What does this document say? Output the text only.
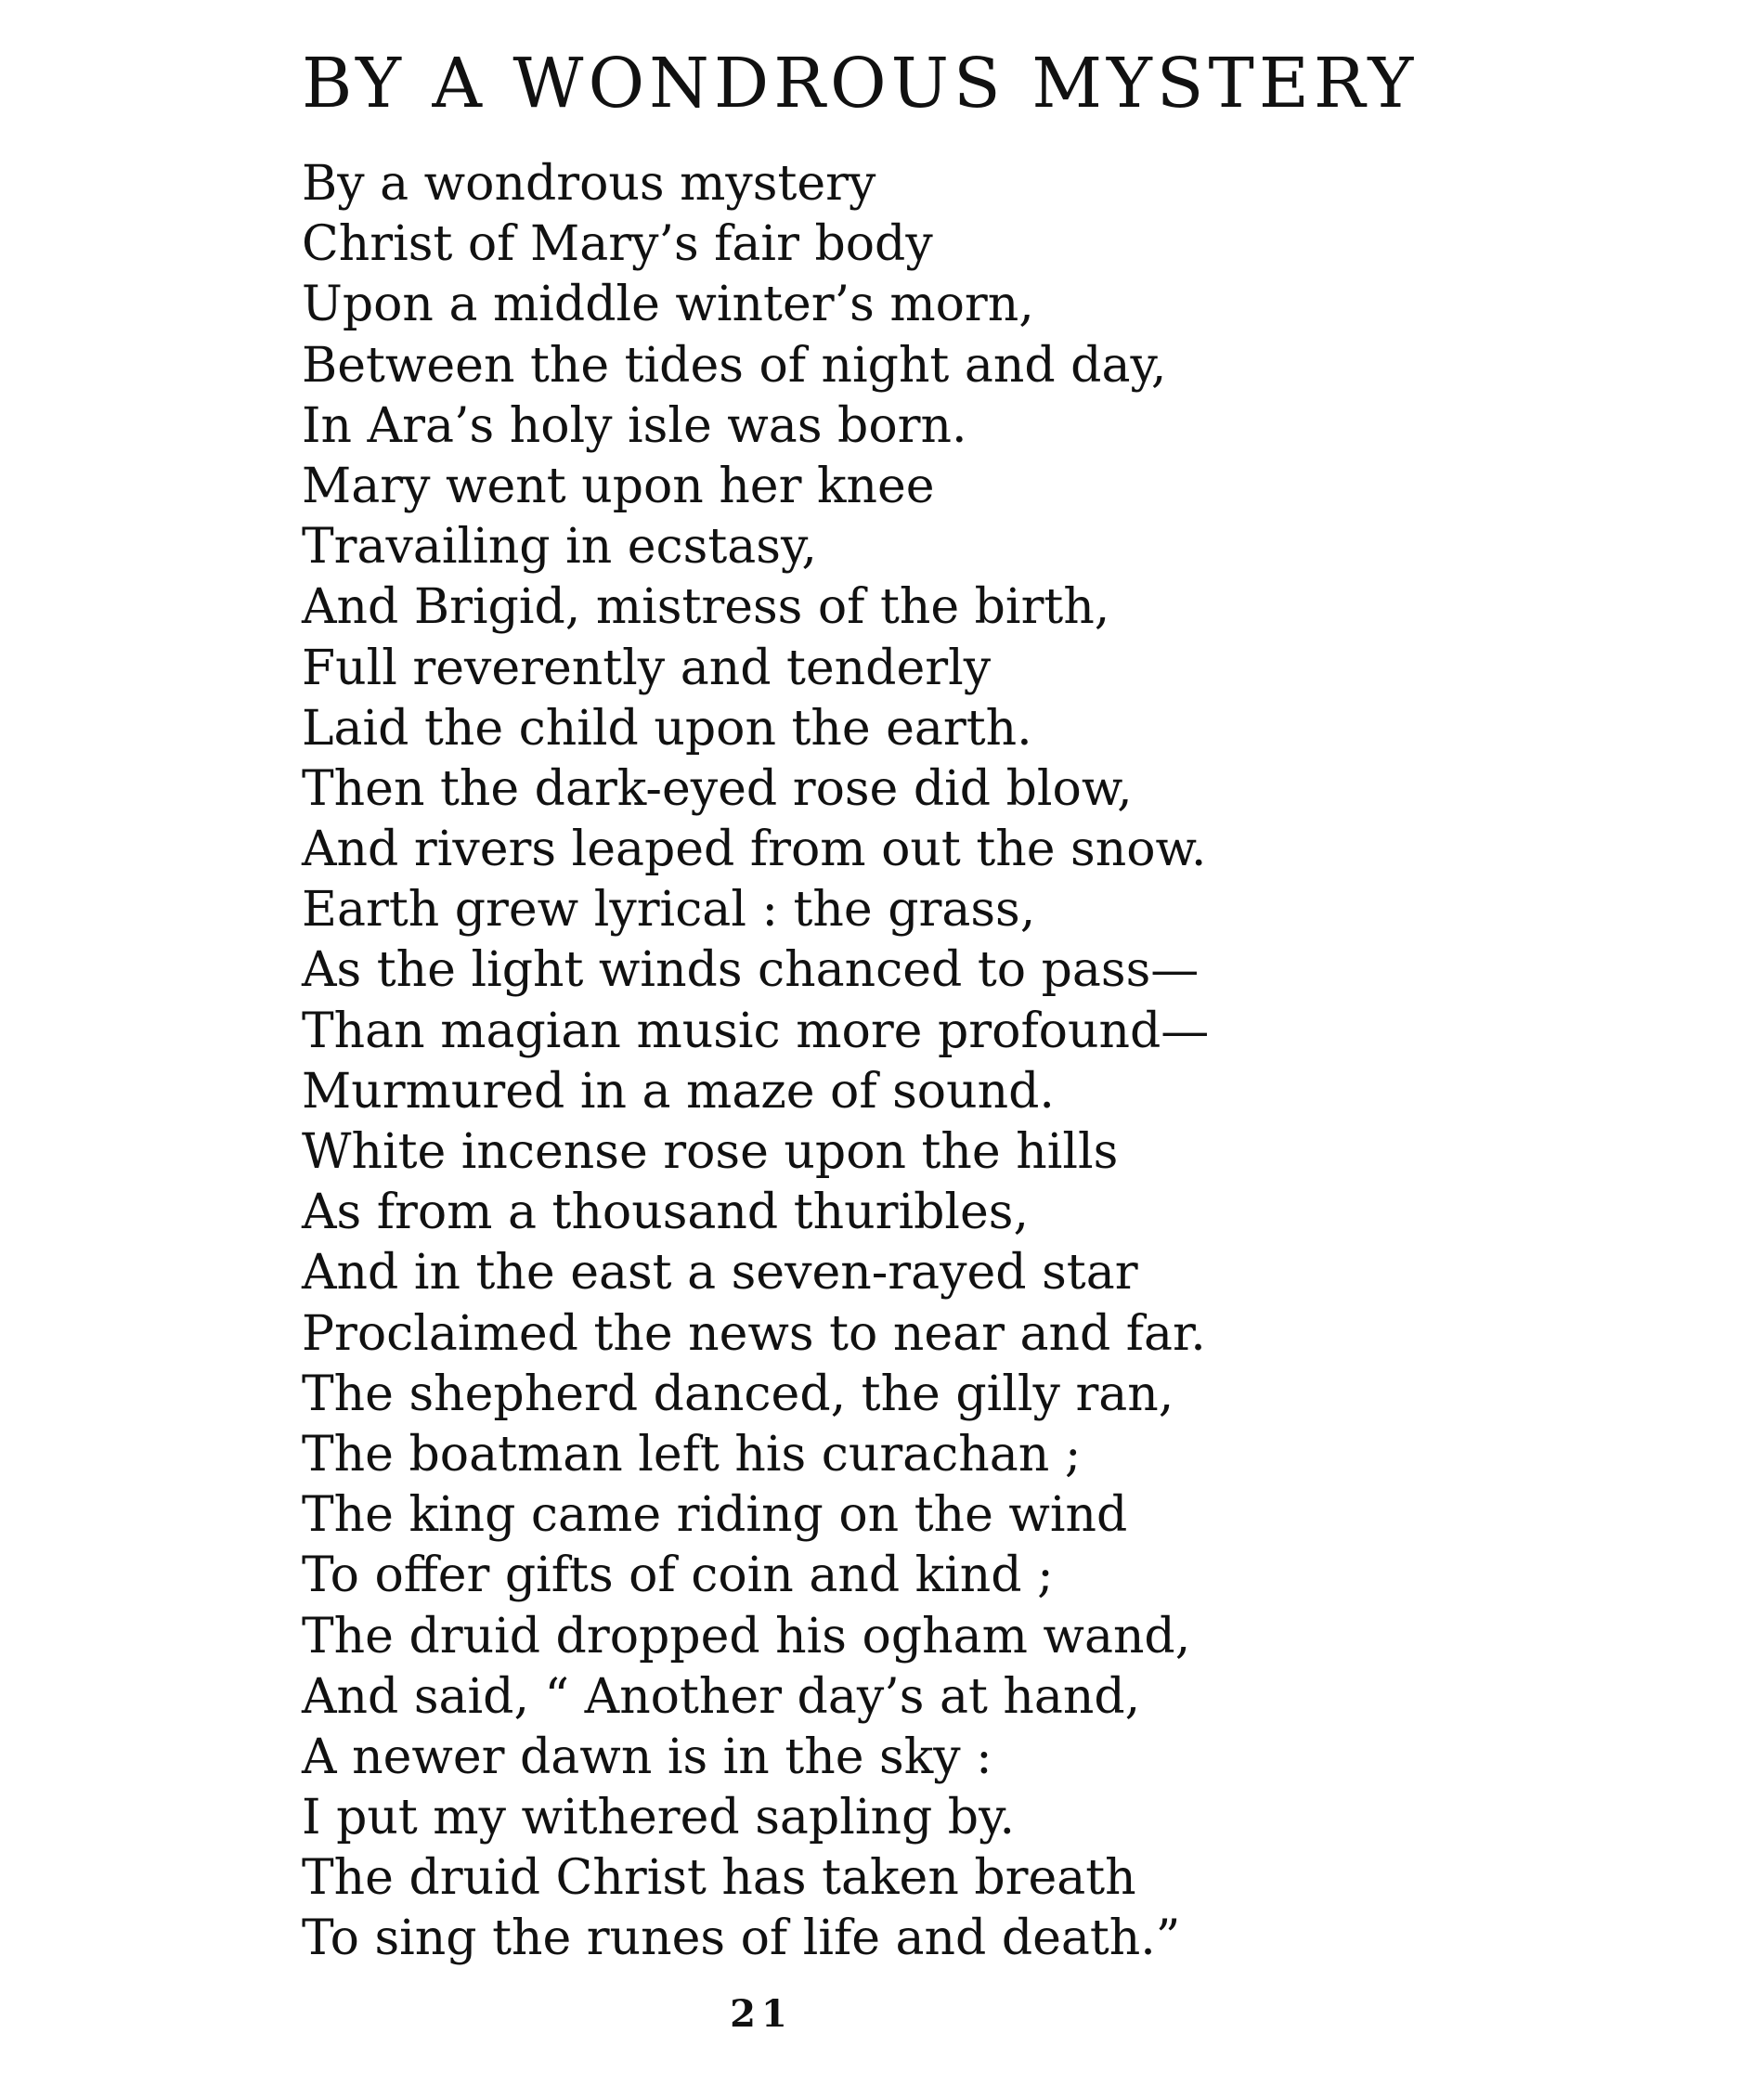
BY A WONDROUS MYSTERY
By a wondrous mystery
Christ of Mary’s fair body
Upon a middle winter’s morn,
Between the tides of night and day,
In Ara’s holy isle was born.
Mary went upon her knee
Travailing in ecstasy,
And Brigid, mistress of the birth,
Full reverently and tenderly
Laid the child upon the earth.
Then the dark-eyed rose did blow,
And rivers leaped from out the snow.
Earth grew lyrical : the grass,
As the light winds chanced to pass—
Than magian music more profound—
Murmured in a maze of sound.
White incense rose upon the hills
As from a thousand thuribles,
And in the east a seven-rayed star
Proclaimed the news to near and far.
The shepherd danced, the gilly ran,
The boatman left his curachan ;
The king came riding on the wind
To offer gifts of coin and kind ;
The druid dropped his ogham wand,
And said, “ Another day’s at hand,
A newer dawn is in the sky :
I put my withered sapling by.
The druid Christ has taken breath
To sing the runes of life and death.”
21
